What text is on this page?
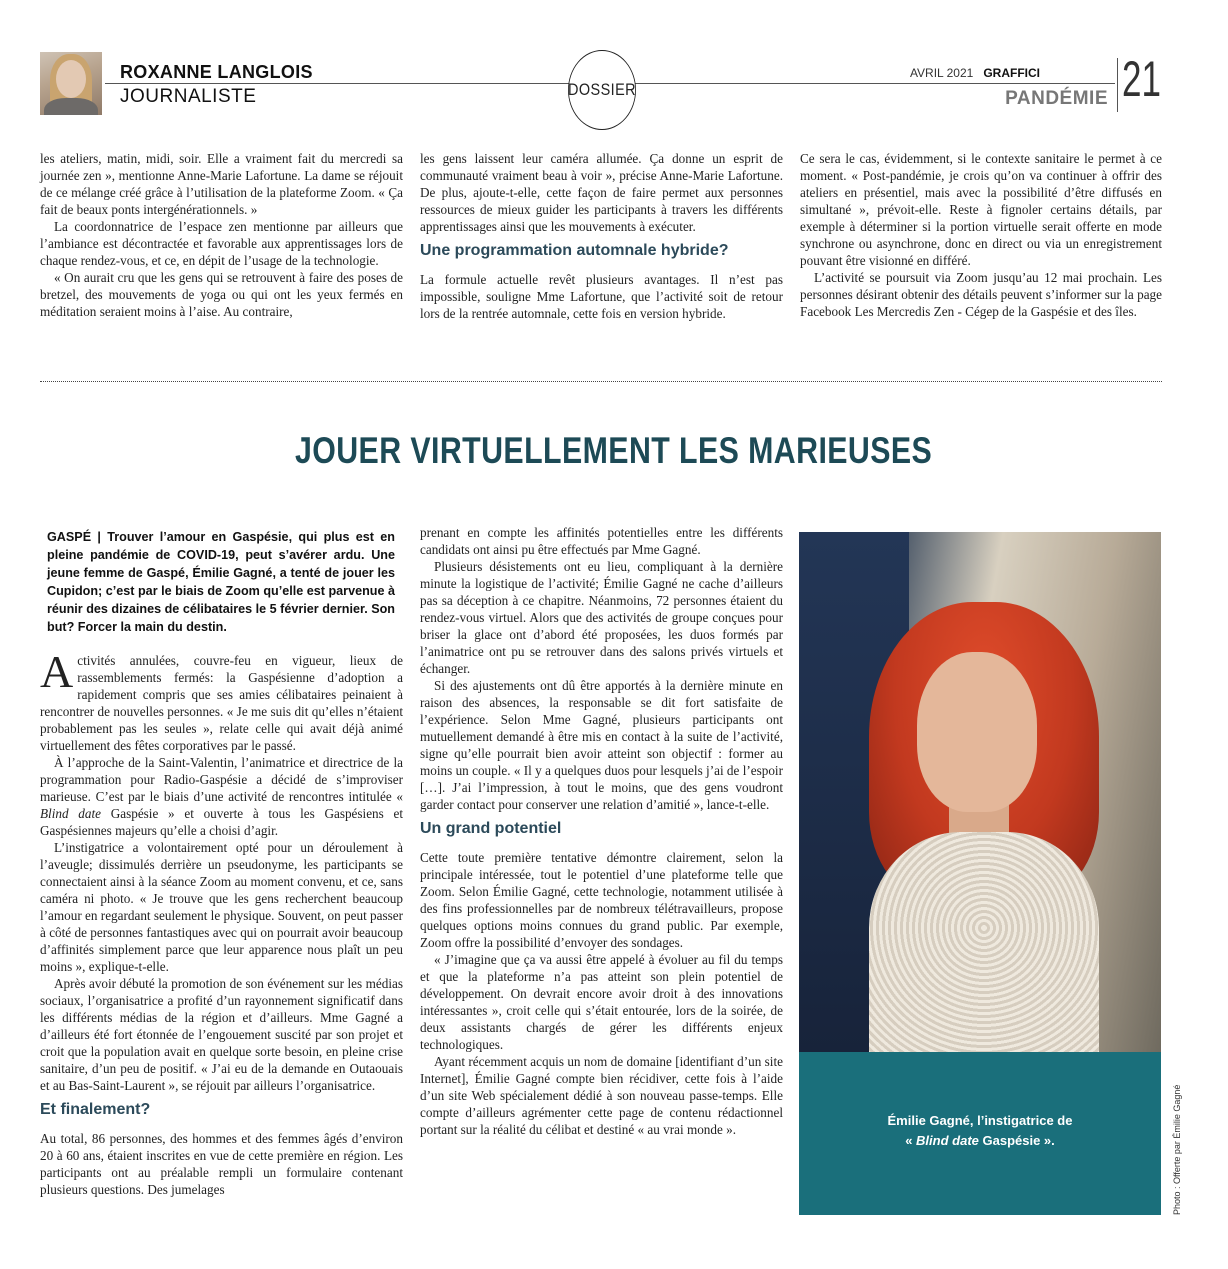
ROXANNE LANGLOIS
JOURNALISTE	DOSSIER
AVRIL 2021 GRAFFICI
PANDÉMIE 21

les ateliers, matin, midi, soir. Elle a vraiment fait du mercredi sa journée zen », mentionne Anne-Marie Lafortune. La dame se réjouit de ce mélange créé grâce à l’utilisation de la plateforme Zoom. « Ça fait de beaux ponts intergénérationnels. »

La coordonnatrice de l’espace zen mentionne par ailleurs que l’ambiance est décontractée et favorable aux apprentissages lors de chaque rendez-vous, et ce, en dépit de l’usage de la technologie.

« On aurait cru que les gens qui se retrouvent à faire des poses de bretzel, des mouvements de yoga ou qui ont les yeux fermés en méditation seraient moins à l’aise. Au contraire,

les gens laissent leur caméra allumée. Ça donne un esprit de communauté vraiment beau à voir », précise Anne-Marie Lafortune. De plus, ajoute-t-elle, cette façon de faire permet aux personnes ressources de mieux guider les participants à travers les différents apprentissages ainsi que les mouvements à exécuter.

Une programmation automnale hybride?

La formule actuelle revêt plusieurs avantages. Il n’est pas impossible, souligne Mme Lafortune, que l’activité soit de retour lors de la rentrée automnale, cette fois en version hybride.

Ce sera le cas, évidemment, si le contexte sanitaire le permet à ce moment. « Post-pandémie, je crois qu’on va continuer à offrir des ateliers en présentiel, mais avec la possibilité d’être diffusés en simultané », prévoit-elle. Reste à fignoler certains détails, par exemple à déterminer si la portion virtuelle serait offerte en mode synchrone ou asynchrone, donc en direct ou via un enregistrement pouvant être visionné en différé.

L’activité se poursuit via Zoom jusqu’au 12 mai prochain. Les personnes désirant obtenir des détails peuvent s’informer sur la page Facebook Les Mercredis Zen - Cégep de la Gaspésie et des îles.

JOUER VIRTUELLEMENT LES MARIEUSES
GASPÉ | Trouver l’amour en Gaspésie, qui plus est en pleine pandémie de COVID-19, peut s’avérer ardu. Une jeune femme de Gaspé, Émilie Gagné, a tenté de jouer les Cupidon; c’est par le biais de Zoom qu’elle est parvenue à réunir des dizaines de célibataires le 5 février dernier. Son but? Forcer la main du destin.

Activités annulées, couvre-feu en vigueur, lieux de rassemblements fermés: la Gaspésienne d’adoption a rapidement compris que ses amies célibataires peinaient à rencontrer de nouvelles personnes. « Je me suis dit qu’elles n’étaient probablement pas les seules », relate celle qui avait déjà animé virtuellement des fêtes corporatives par le passé.

À l’approche de la Saint-Valentin, l’animatrice et directrice de la programmation pour Radio-Gaspésie a décidé de s’improviser marieuse. C’est par le biais d’une activité de rencontres intitulée « Blind date Gaspésie » et ouverte à tous les Gaspésiens et Gaspésiennes majeurs qu’elle a choisi d’agir.

L’instigatrice a volontairement opté pour un déroulement à l’aveugle; dissimulés derrière un pseudonyme, les participants se connectaient ainsi à la séance Zoom au moment convenu, et ce, sans caméra ni photo. « Je trouve que les gens recherchent beaucoup l’amour en regardant seulement le physique. Souvent, on peut passer à côté de personnes fantastiques avec qui on pourrait avoir beaucoup d’affinités simplement parce que leur apparence nous plaît un peu moins », explique-t-elle.

Après avoir débuté la promotion de son événement sur les médias sociaux, l’organisatrice a profité d’un rayonnement significatif dans les différents médias de la région et d’ailleurs. Mme Gagné a d’ailleurs été fort étonnée de l’engouement suscité par son projet et croit que la population avait en quelque sorte besoin, en pleine crise sanitaire, d’un peu de positif. « J’ai eu de la demande en Outaouais et au Bas-Saint-Laurent », se réjouit par ailleurs l’organisatrice.

Et finalement?

Au total, 86 personnes, des hommes et des femmes âgés d’environ 20 à 60 ans, étaient inscrites en vue de cette première en région. Les participants ont au préalable rempli un formulaire contenant plusieurs questions. Des jumelages

prenant en compte les affinités potentielles entre les différents candidats ont ainsi pu être effectués par Mme Gagné.

Plusieurs désistements ont eu lieu, compliquant à la dernière minute la logistique de l’activité; Émilie Gagné ne cache d’ailleurs pas sa déception à ce chapitre. Néanmoins, 72 personnes étaient du rendez-vous virtuel. Alors que des activités de groupe conçues pour briser la glace ont d’abord été proposées, les duos formés par l’animatrice ont pu se retrouver dans des salons privés virtuels et échanger.

Si des ajustements ont dû être apportés à la dernière minute en raison des absences, la responsable se dit fort satisfaite de l’expérience. Selon Mme Gagné, plusieurs participants ont mutuellement demandé à être mis en contact à la suite de l’activité, signe qu’elle pourrait bien avoir atteint son objectif : former au moins un couple. « Il y a quelques duos pour lesquels j’ai de l’espoir […]. J’ai l’impression, à tout le moins, que des gens voudront garder contact pour conserver une relation d’amitié », lance-t-elle.

Un grand potentiel

Cette toute première tentative démontre clairement, selon la principale intéressée, tout le potentiel d’une plateforme telle que Zoom. Selon Émilie Gagné, cette technologie, notamment utilisée à des fins professionnelles par de nombreux télétravailleurs, propose quelques options moins connues du grand public. Par exemple, Zoom offre la possibilité d’envoyer des sondages.

« J’imagine que ça va aussi être appelé à évoluer au fil du temps et que la plateforme n’a pas atteint son plein potentiel de développement. On devrait encore avoir droit à des innovations intéressantes », croit celle qui s’était entourée, lors de la soirée, de deux assistants chargés de gérer les différents enjeux technologiques.

Ayant récemment acquis un nom de domaine [identifiant d’un site Internet], Émilie Gagné compte bien récidiver, cette fois à l’aide d’un site Web spécialement dédié à son nouveau passe-temps. Elle compte d’ailleurs agrémenter cette page de contenu rédactionnel portant sur la réalité du célibat et destiné « au vrai monde ».

Émilie Gagné, l’instigatrice de
« Blind date Gaspésie ».	Photo : Offerte par Émilie Gagné
